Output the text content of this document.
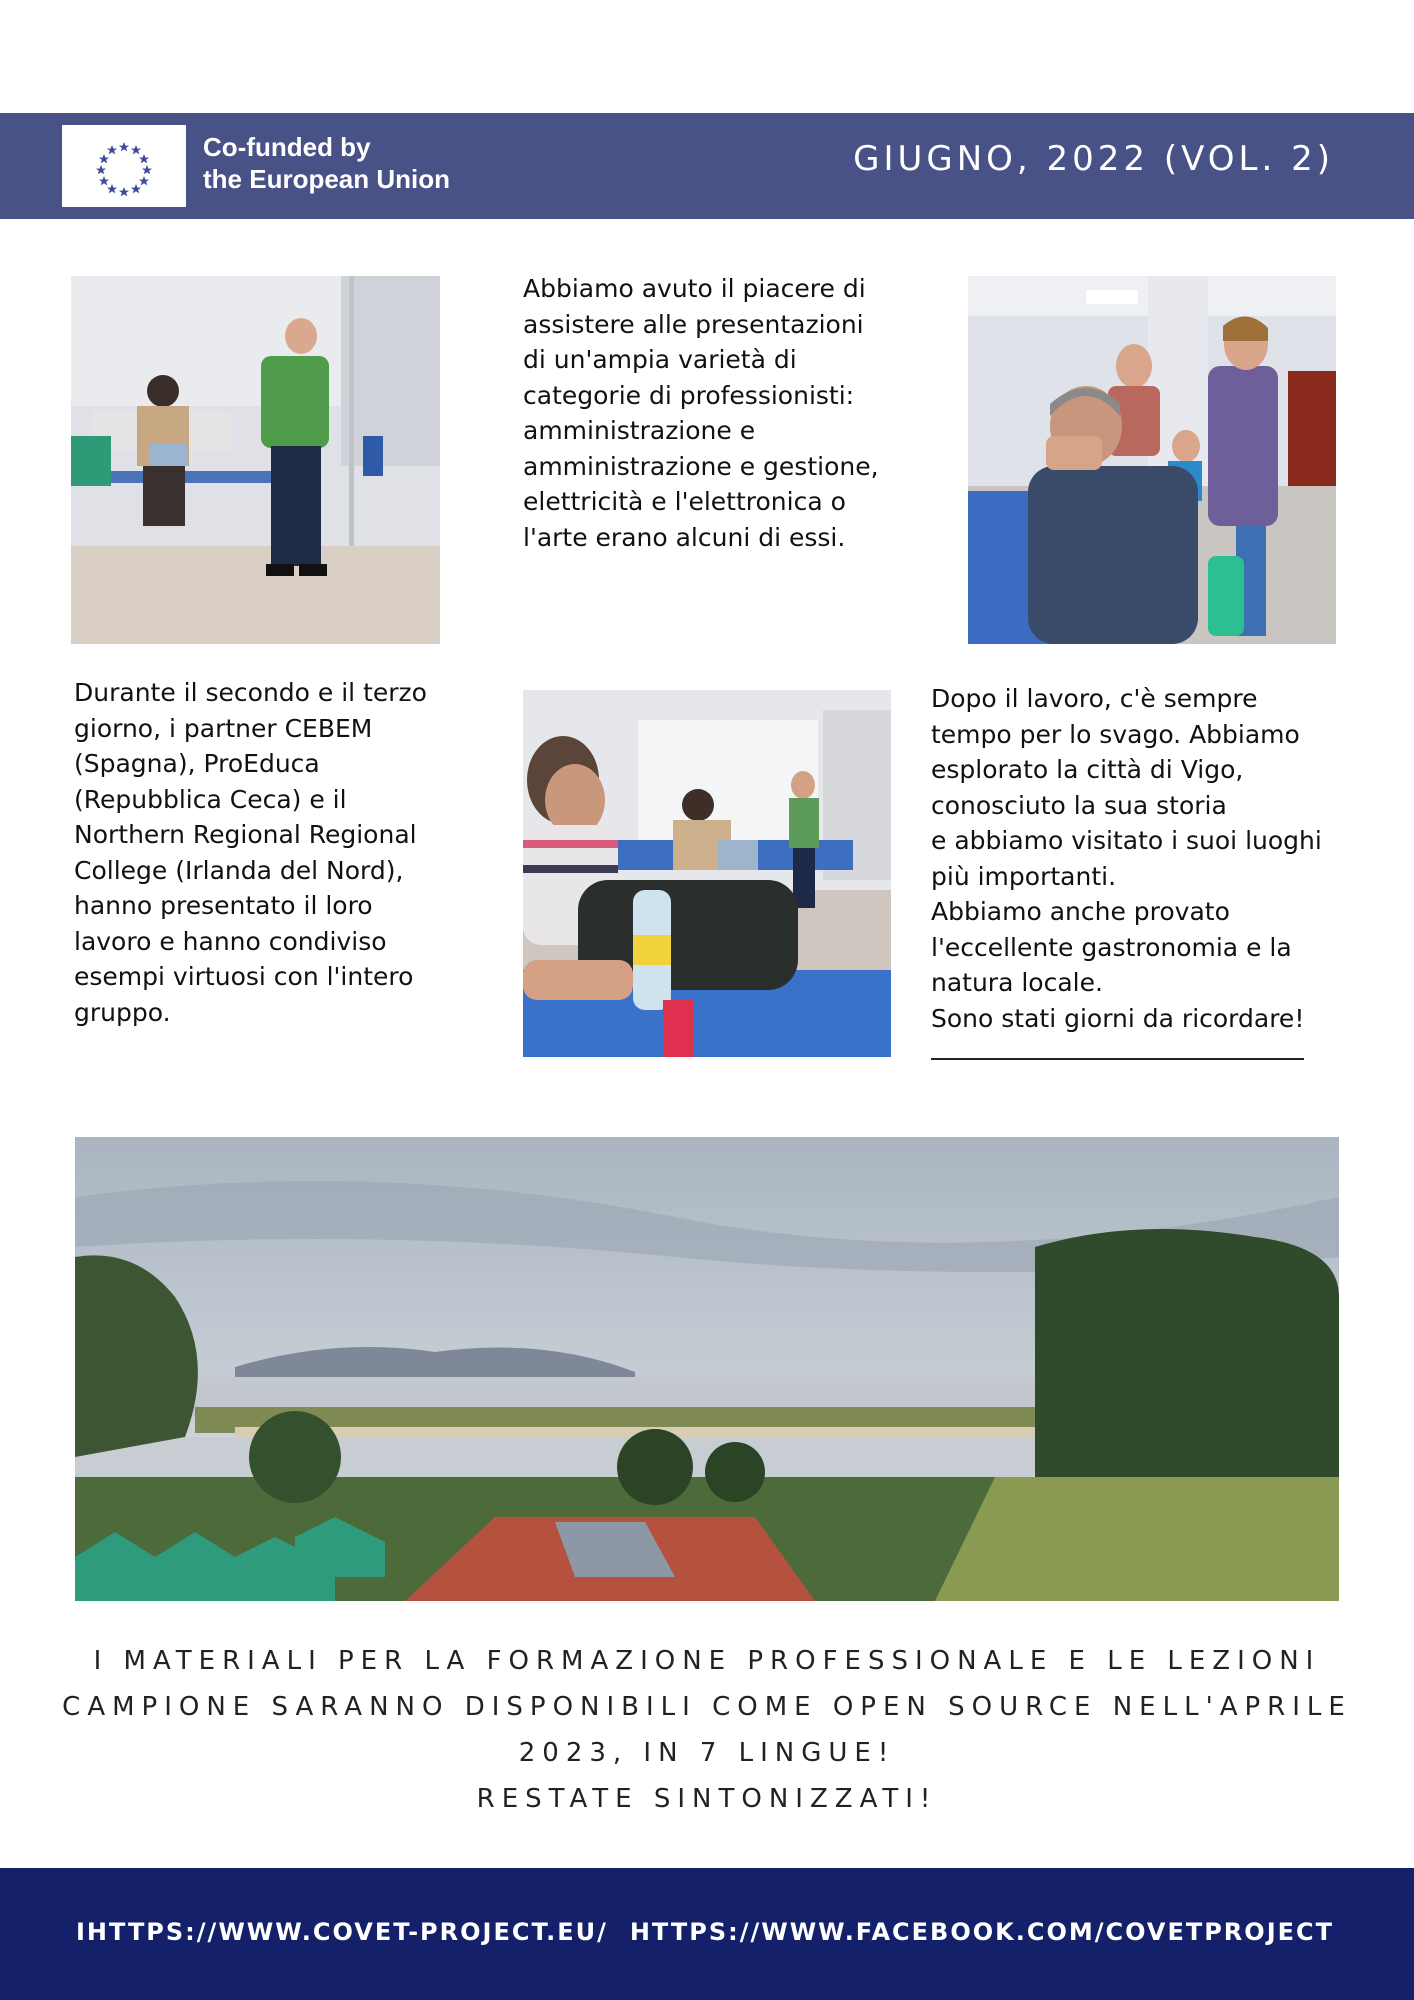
Co-funded by
the European Union	GIUGNO, 2022 (VOL. 2)

Abbiamo avuto il piacere di

assistere alle presentazioni

di un'ampia varietà di

categorie di professionisti:

amministrazione e

amministrazione e gestione,

elettricità e l'elettronica o

l'arte erano alcuni di essi.

Durante il secondo e il terzo

giorno, i partner CEBEM

(Spagna), ProEduca

(Repubblica Ceca) e il

Northern Regional Regional

College (Irlanda del Nord),

hanno presentato il loro

lavoro e hanno condiviso

esempi virtuosi con l'intero

gruppo.

Dopo il lavoro, c'è sempre

tempo per lo svago. Abbiamo

esplorato la città di Vigo,

conosciuto la sua storia

e abbiamo visitato i suoi luoghi

più importanti.

Abbiamo anche provato

l'eccellente gastronomia e la

natura locale.

Sono stati giorni da ricordare!

I MATERIALI PER LA FORMAZIONE PROFESSIONALE E LE LEZIONI
CAMPIONE SARANNO DISPONIBILI COME OPEN SOURCE NELL'APRILE
2023, IN 7 LINGUE!
RESTATE SINTONIZZATI!
IHTTPS://WWW.COVET-PROJECT.EU/ HTTPS://WWW.FACEBOOK.COM/COVETPROJECT
